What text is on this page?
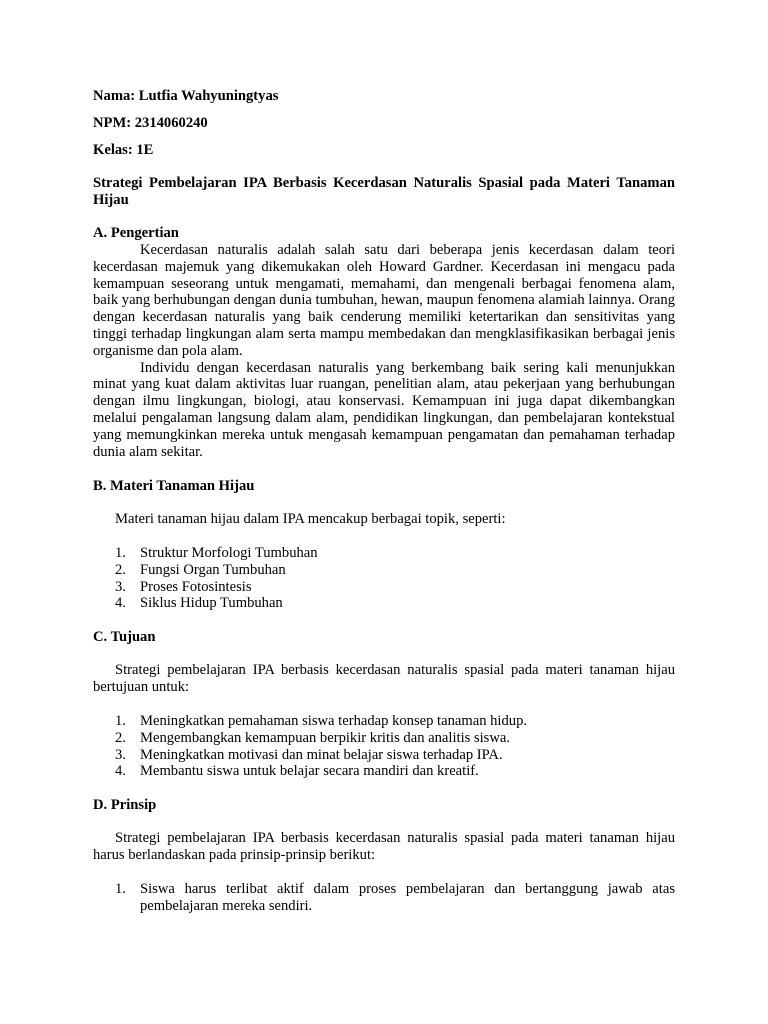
Nama: Lutfia Wahyuningtyas
NPM: 2314060240
Kelas: 1E
Strategi Pembelajaran IPA Berbasis Kecerdasan Naturalis Spasial pada Materi Tanaman Hijau
A. Pengertian
Kecerdasan naturalis adalah salah satu dari beberapa jenis kecerdasan dalam teori kecerdasan majemuk yang dikemukakan oleh Howard Gardner. Kecerdasan ini mengacu pada kemampuan seseorang untuk mengamati, memahami, dan mengenali berbagai fenomena alam, baik yang berhubungan dengan dunia tumbuhan, hewan, maupun fenomena alamiah lainnya. Orang dengan kecerdasan naturalis yang baik cenderung memiliki ketertarikan dan sensitivitas yang tinggi terhadap lingkungan alam serta mampu membedakan dan mengklasifikasikan berbagai jenis organisme dan pola alam.
Individu dengan kecerdasan naturalis yang berkembang baik sering kali menunjukkan minat yang kuat dalam aktivitas luar ruangan, penelitian alam, atau pekerjaan yang berhubungan dengan ilmu lingkungan, biologi, atau konservasi. Kemampuan ini juga dapat dikembangkan melalui pengalaman langsung dalam alam, pendidikan lingkungan, dan pembelajaran kontekstual yang memungkinkan mereka untuk mengasah kemampuan pengamatan dan pemahaman terhadap dunia alam sekitar.
B. Materi Tanaman Hijau
Materi tanaman hijau dalam IPA mencakup berbagai topik, seperti:
1. Struktur Morfologi Tumbuhan
2. Fungsi Organ Tumbuhan
3. Proses Fotosintesis
4. Siklus Hidup Tumbuhan
C. Tujuan
Strategi pembelajaran IPA berbasis kecerdasan naturalis spasial pada materi tanaman hijau bertujuan untuk:
1. Meningkatkan pemahaman siswa terhadap konsep tanaman hidup.
2. Mengembangkan kemampuan berpikir kritis dan analitis siswa.
3. Meningkatkan motivasi dan minat belajar siswa terhadap IPA.
4. Membantu siswa untuk belajar secara mandiri dan kreatif.
D. Prinsip
Strategi pembelajaran IPA berbasis kecerdasan naturalis spasial pada materi tanaman hijau harus berlandaskan pada prinsip-prinsip berikut:
1. Siswa harus terlibat aktif dalam proses pembelajaran dan bertanggung jawab atas pembelajaran mereka sendiri.
